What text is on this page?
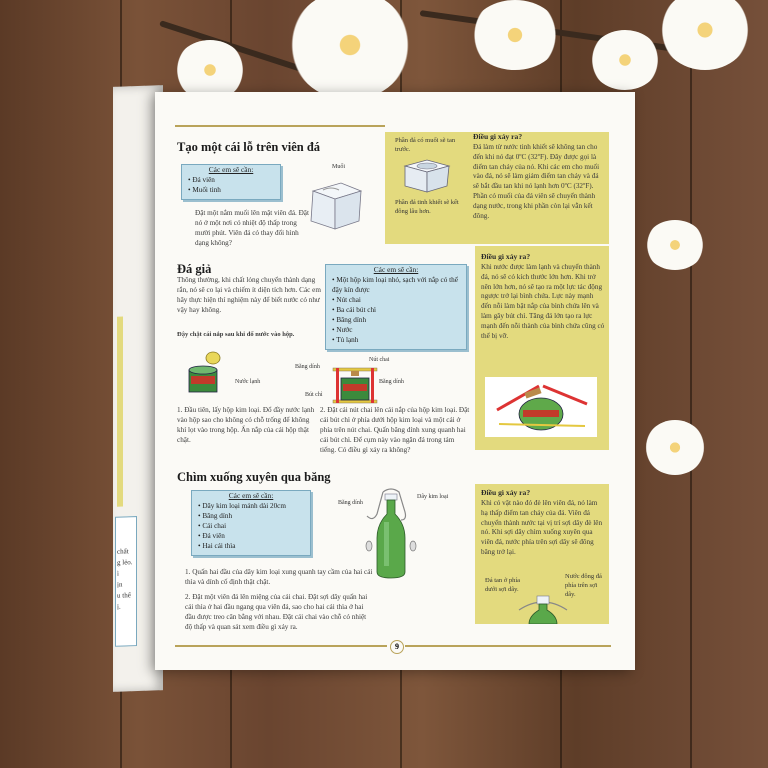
chất
g lẻo.
ì
ịn
u thế
ị.
9
Tạo một cái lỗ trên viên đá
Các em sẽ cần:
• Đá viên
• Muối tinh
Đặt một nắm muối lên mặt viên đá. Đặt nó ở một nơi có nhiệt độ thấp trong mười phút. Viên đá có thay đổi hình dạng không?
Muối
Phần đá có muối sẽ tan trước.
Phần đá tinh khiết sẽ kết đông lâu hơn.
Điều gì xảy ra?
Đá làm từ nước tinh khiết sẽ không tan cho đến khi nó đạt 0ºC (32ºF). Đây được gọi là điểm tan chảy của nó. Khi các em cho muối vào đá, nó sẽ làm giảm điểm tan chảy và đá sẽ bắt đầu tan khi nó lạnh hơn 0ºC (32ºF). Phần có muối của đá viên sẽ chuyển thành dạng nước, trong khi phần còn lại vẫn kết đông.
Đá giả
Thông thường, khi chất lỏng chuyển thành dạng rắn, nó sẽ co lại và chiếm ít diện tích hơn. Các em hãy thực hiện thí nghiệm này để biết nước có như vậy hay không.
Đậy chặt cái nắp sau khi đổ nước vào hộp.
Các em sẽ cần:
• Một hộp kim loại nhỏ, sạch với nắp có thể đậy kín được
• Nút chai
• Ba cái bút chì
• Băng dính
• Nước
• Tủ lạnh
Nước lạnh
Băng dính
Nút chai
Băng dính
Bút chì
1. Đầu tiên, lấy hộp kim loại. Đổ đầy nước lạnh vào hộp sao cho không có chỗ trống để không khí lọt vào trong hộp. Ấn nắp của cái hộp thật chặt.
2. Đặt cái nút chai lên cái nắp của hộp kim loại. Đặt cái bút chì ở phía dưới hộp kim loại và một cái ở phía trên nút chai. Quấn băng dính xung quanh hai cái bút chì. Để cụm này vào ngăn đá trong tám tiếng. Có điều gì xảy ra không?
Điều gì xảy ra?
Khi nước được làm lạnh và chuyển thành đá, nó sẽ có kích thước lớn hơn. Khi trở nên lớn hơn, nó sẽ tạo ra một lực tác động ngược trở lại bình chứa. Lực này mạnh đến nỗi làm bật nắp của bình chứa lên và làm gãy bút chì. Tăng đá lớn tạo ra lực mạnh đến nỗi thành của bình chứa cũng có thể bị vỡ.
Chìm xuống xuyên qua băng
Các em sẽ cần:
• Dây kim loại mảnh dài 20cm
• Băng dính
• Cái chai
• Đá viên
• Hai cái thìa
Băng dính
Dây kim loại
1. Quấn hai đầu của dây kim loại xung quanh tay cầm của hai cái thìa và dính cố định thật chặt.
2. Đặt một viên đá lên miệng của cái chai. Đặt sợi dây quấn hai cái thìa ở hai đầu ngang qua viên đá, sao cho hai cái thìa ở hai đầu được treo cân bằng với nhau. Đặt cái chai vào chỗ có nhiệt độ thấp và quan sát xem điều gì xảy ra.
Điều gì xảy ra?
Khi có vật nào đó đè lên viên đá, nó làm hạ thấp điểm tan chảy của đá. Viên đá chuyển thành nước tại vị trí sợi dây đè lên nó. Khi sợi dây chìm xuống xuyên qua viên đá, nước phía trên sợi dây sẽ đông băng trở lại.
Đá tan ở phía dưới sợi dây.
Nước đông đá phía trên sợi dây.
